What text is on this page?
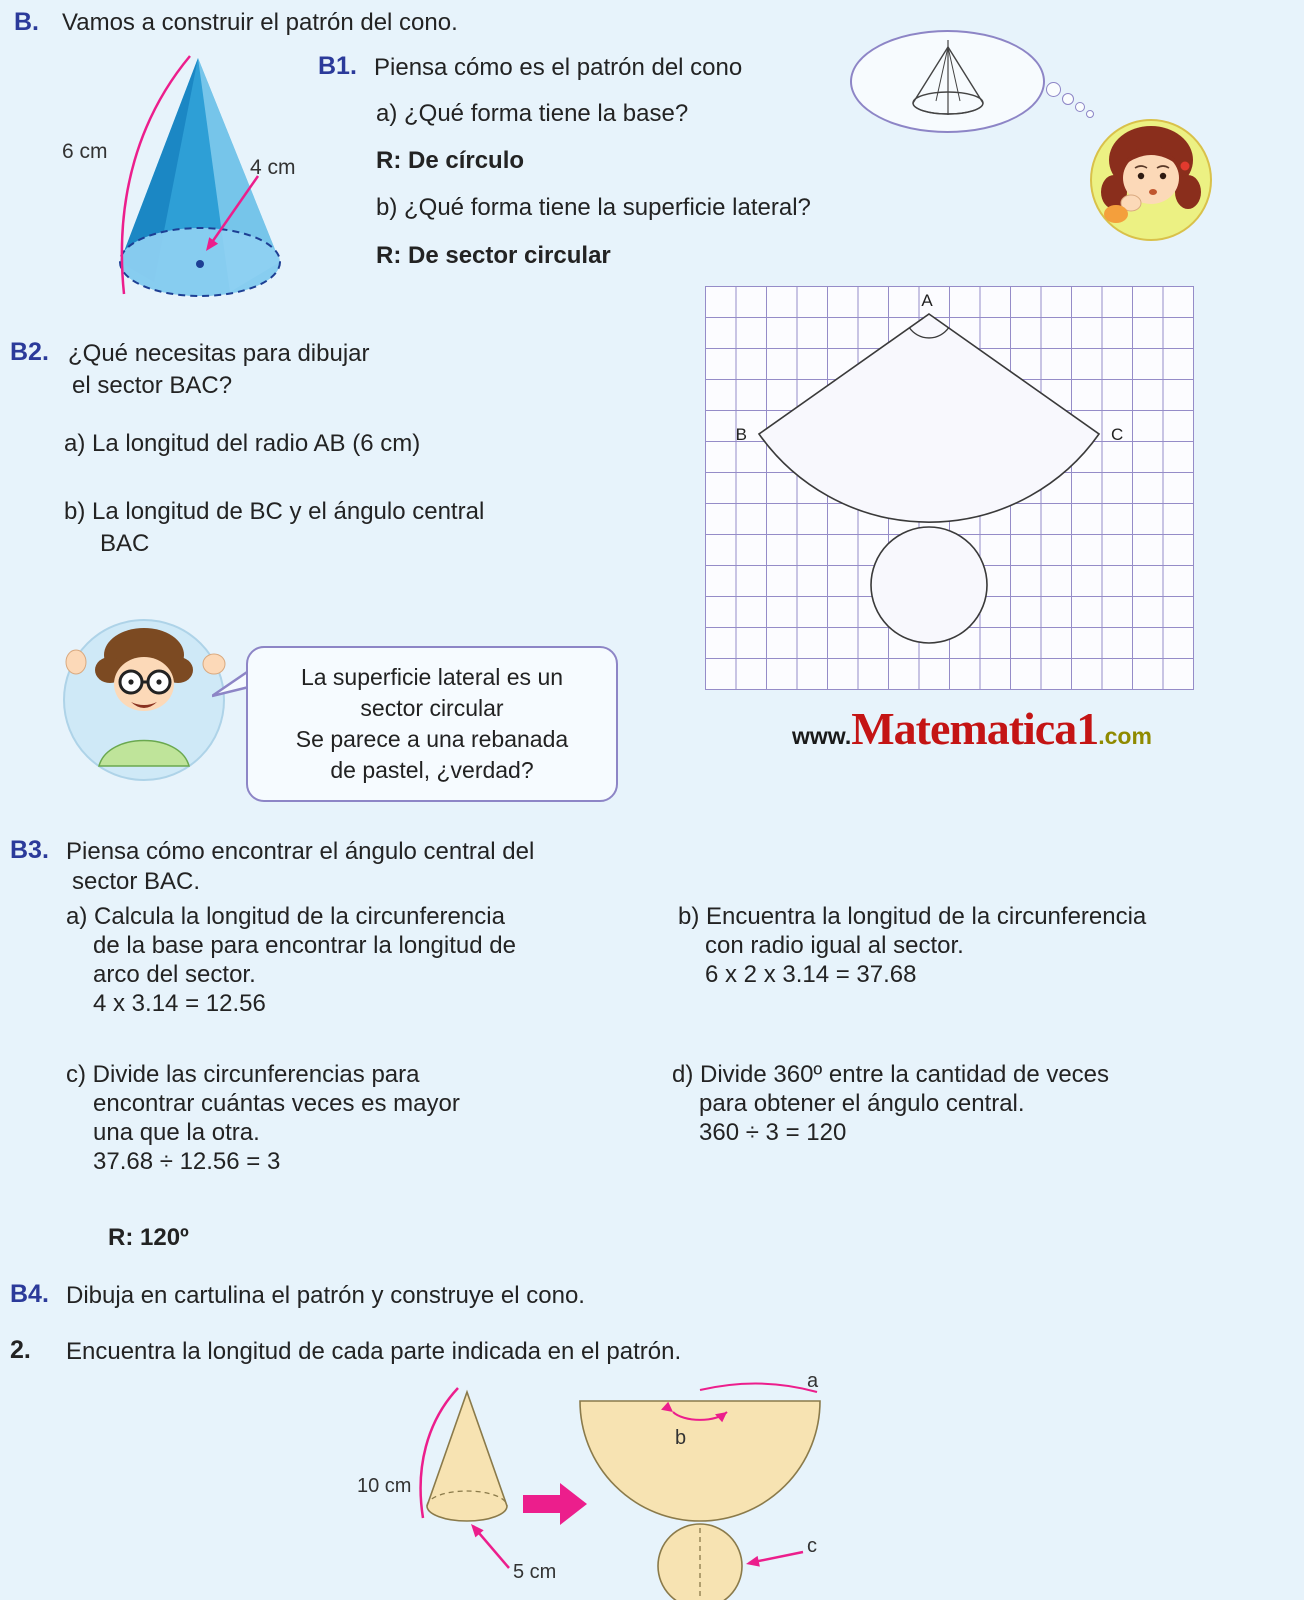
B. Vamos a construir el patrón del cono.
6 cm
4 cm
B1. Piensa cómo es el patrón del cono
a) ¿Qué forma tiene la base?
R: De círculo
b) ¿Qué forma tiene la superficie lateral?
R: De sector circular
B2. ¿Qué necesitas para dibujar
el sector BAC?
a) La longitud del radio AB (6 cm)
b) La longitud de BC y el ángulo central
BAC
A
B	C
La superficie lateral es un
sector circular
Se parece a una rebanada
de pastel, ¿verdad?
www. Matematica1 .com
B3. Piensa cómo encontrar el ángulo central del
sector BAC.
a) Calcula la longitud de la circunferencia
de la base para encontrar la longitud de
arco del sector.
4 x 3.14 = 12.56
b) Encuentra la longitud de la circunferencia
con radio igual al sector.
6 x 2 x 3.14 = 37.68
c) Divide las circunferencias para
encontrar cuántas veces es mayor
una que la otra.
37.68 ÷ 12.56 = 3
d) Divide 360º entre la cantidad de veces
para obtener el ángulo central.
360 ÷ 3 = 120
R: 120º
B4. Dibuja en cartulina el patrón y construye el cono.
2. Encuentra la longitud de cada parte indicada en el patrón.
10 cm
5 cm
a
b
c
